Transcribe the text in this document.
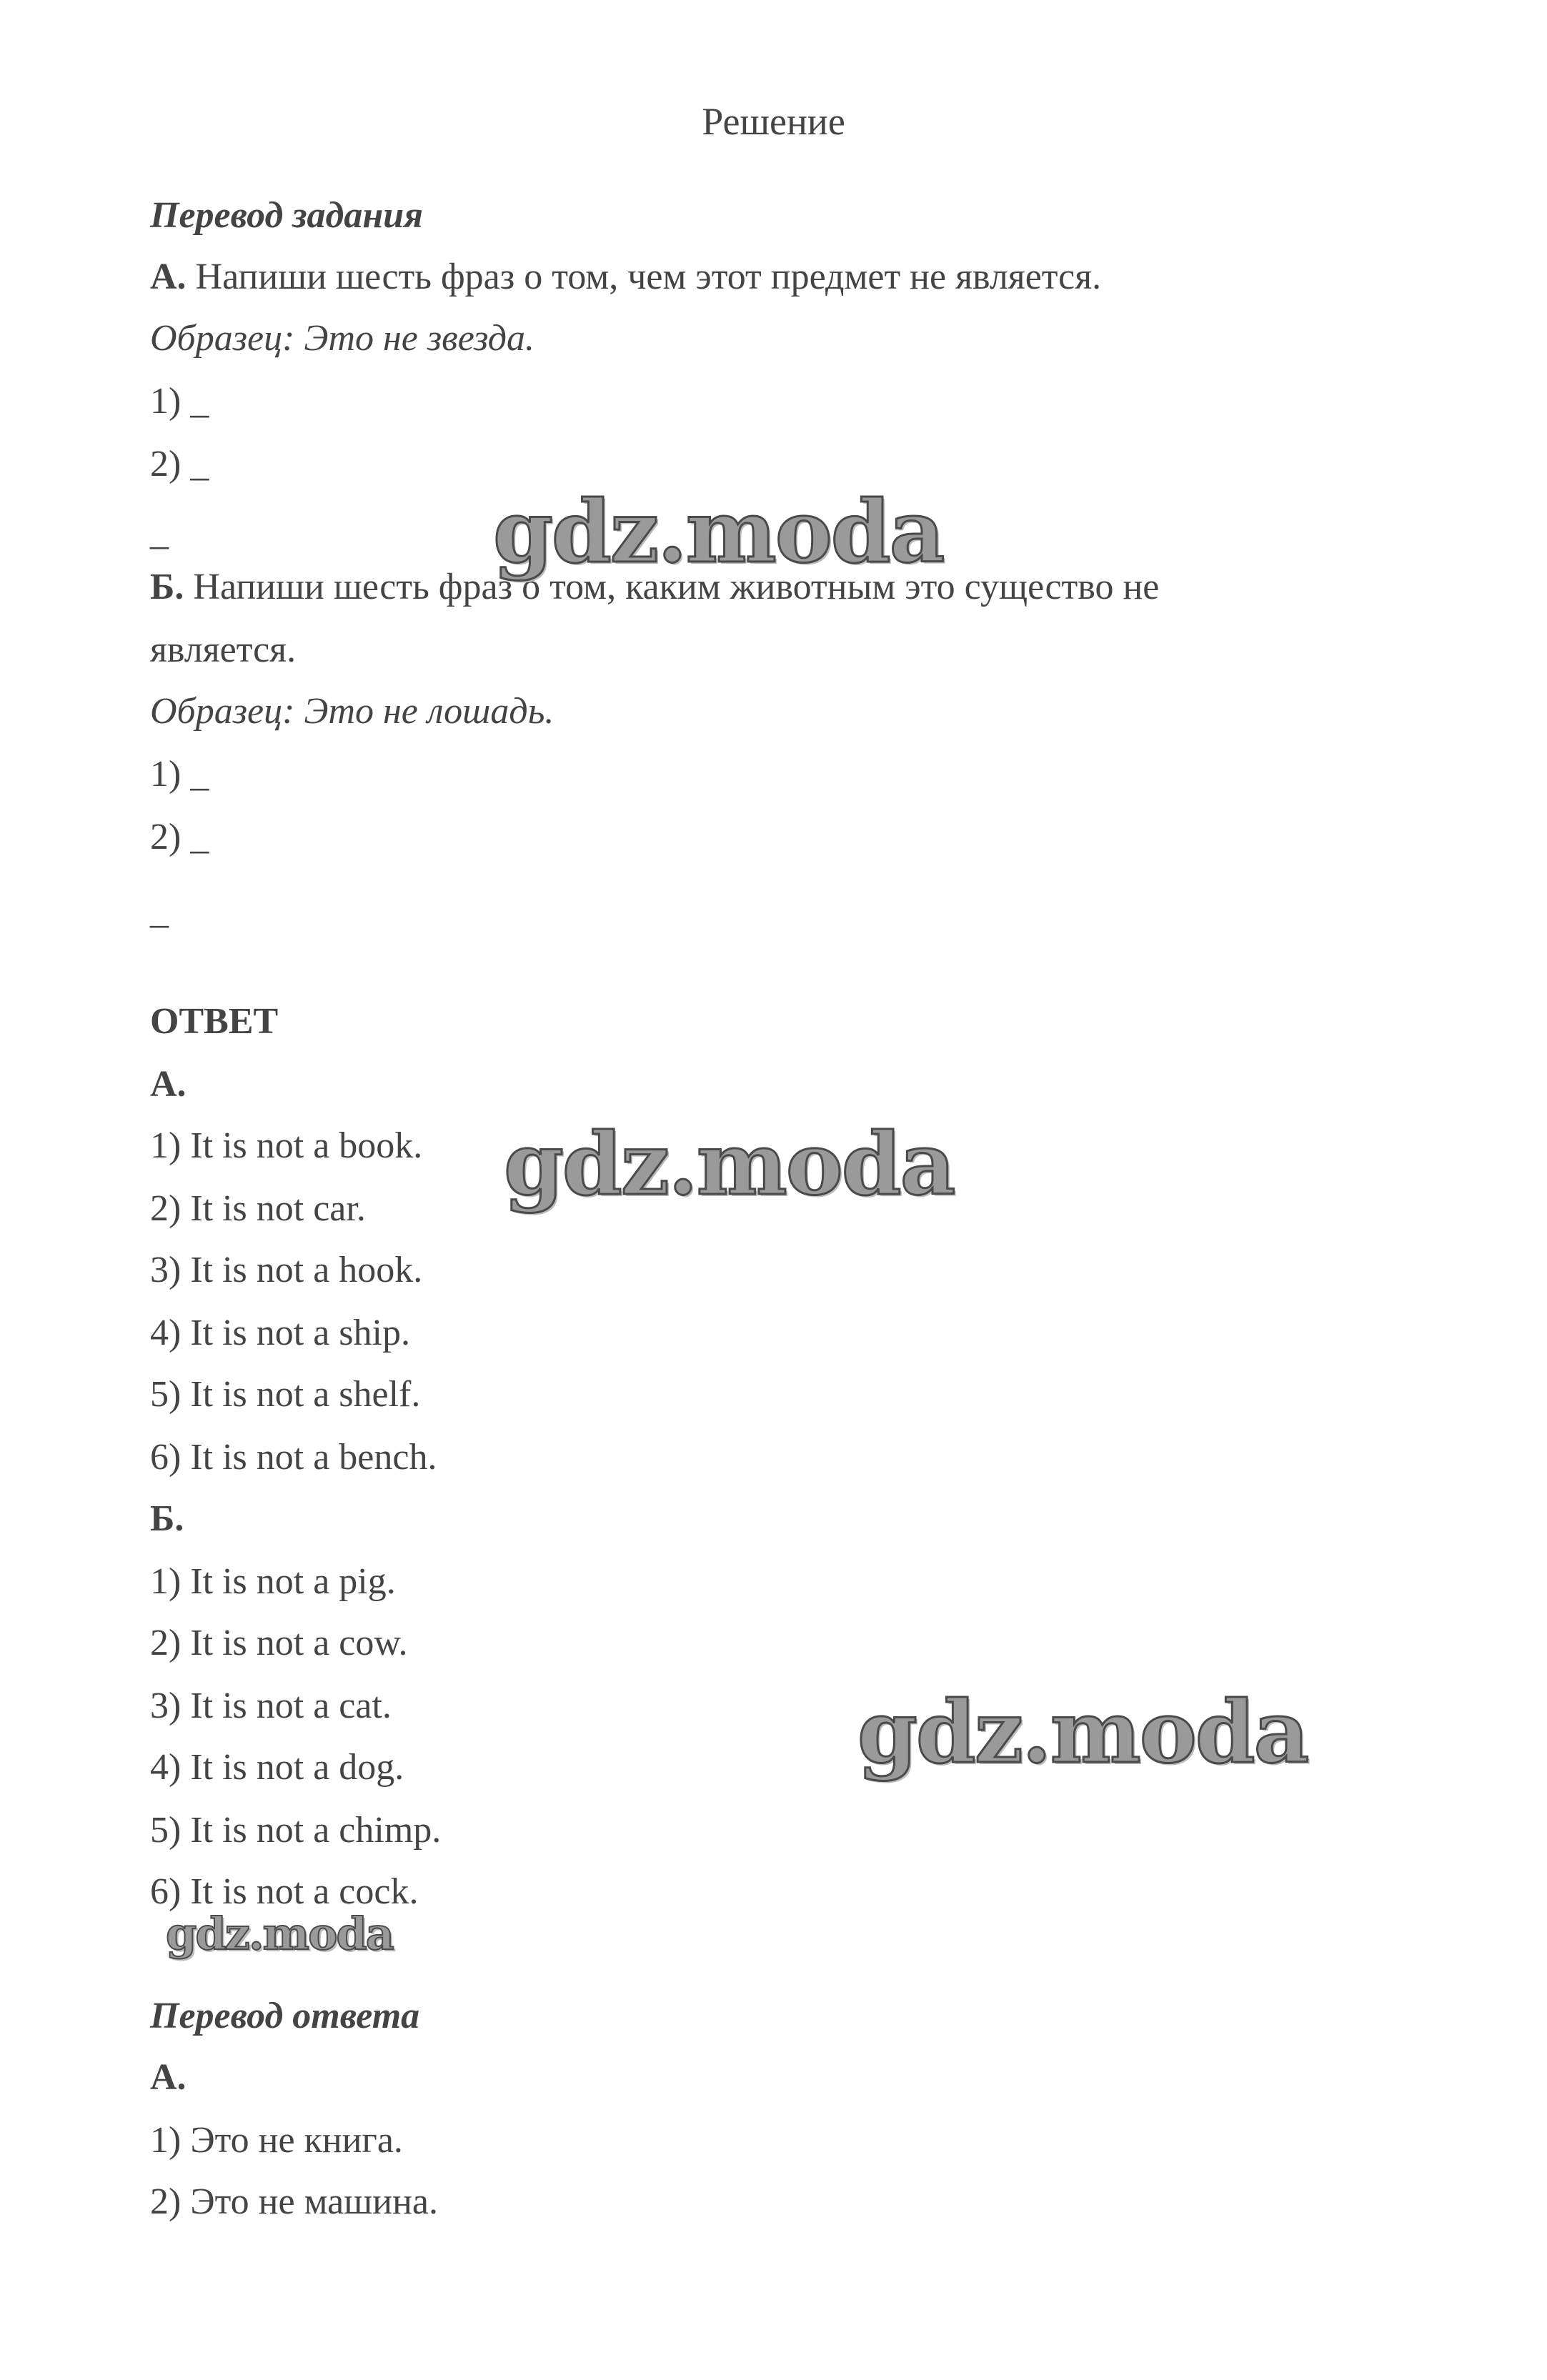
Решение
Перевод задания
А. Напиши шесть фраз о том, чем этот предмет не является.
Образец: Это не звезда.
1) _
2) _
_
Б. Напиши шесть фраз о том, каким животным это существо не
является.
Образец: Это не лошадь.
1) _
2) _
_
ОТВЕТ
А.
1) It is not a book.
2) It is not car.
3) It is not a hook.
4) It is not a ship.
5) It is not a shelf.
6) It is not a bench.
Б.
1) It is not a pig.
2) It is not a cow.
3) It is not a cat.
4) It is not a dog.
5) It is not a chimp.
6) It is not a cock.
Перевод ответа
А.
1) Это не книга.
2) Это не машина.
gdz.moda
gdz.moda
gdz.moda
gdz.moda
